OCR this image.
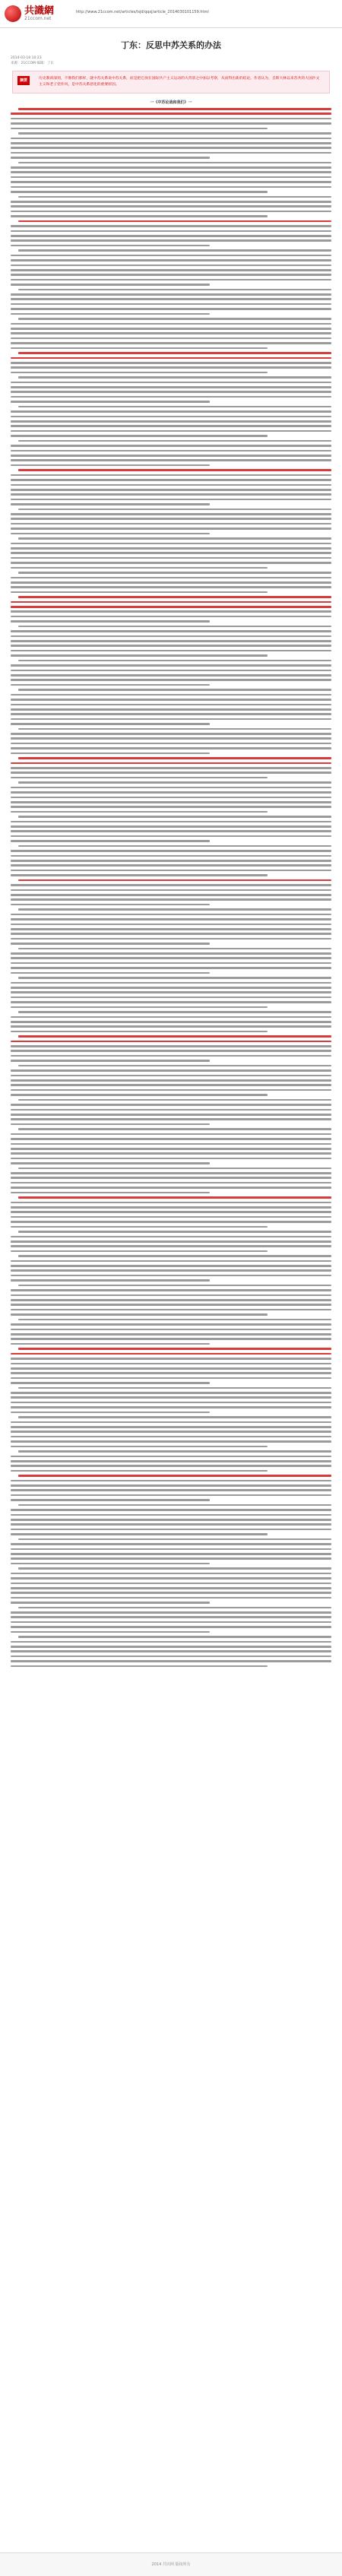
共識網
21ccom.net
http://www.21ccom.net/articles/lsjd/qqsj/article_2014030101159.html
丁东：反思中苏关系的办法
2014-03-18 10:23
来源：21CCOM 编辑：丁东
摘要	历史教训深刻，不像我们那样，就中苏关系说中苏关系，而是把它放在国际共产主义运动的大背景之中加以考察，从而得出新的结论。作者认为，自斯大林以来苏共的大国沙文主义和老子党作风，是中苏关系恶化的重要原因。
一《中苏论战和我们》一
2014 共识网 版权所有
